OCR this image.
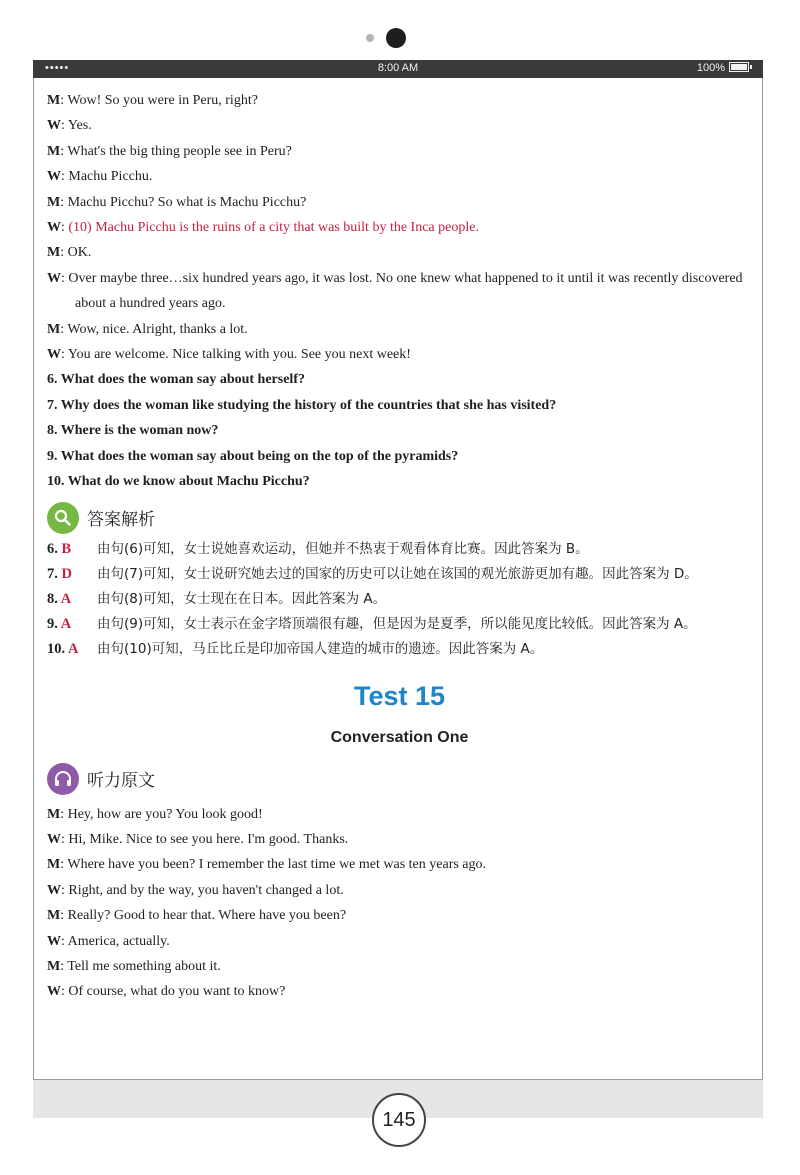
•••••	8:00 AM	100%
M: Wow! So you were in Peru, right?
W: Yes.
M: What's the big thing people see in Peru?
W: Machu Picchu.
M: Machu Picchu? So what is Machu Picchu?
W: (10) Machu Picchu is the ruins of a city that was built by the Inca people.
M: OK.
W: Over maybe three…six hundred years ago, it was lost. No one knew what happened to it until it was recently discovered about a hundred years ago.
M: Wow, nice. Alright, thanks a lot.
W: You are welcome. Nice talking with you. See you next week!
6. What does the woman say about herself?
7. Why does the woman like studying the history of the countries that she has visited?
8. Where is the woman now?
9. What does the woman say about being on the top of the pyramids?
10. What do we know about Machu Picchu?
答案解析
6. B 由句(6)可知，女士说她喜欢运动，但她并不热衷于观看体育比赛。因此答案为 B。
7. D 由句(7)可知，女士说研究她去过的国家的历史可以让她在该国的观光旅游更加有趣。因此答案为 D。
8. A 由句(8)可知，女士现在在日本。因此答案为 A。
9. A 由句(9)可知，女士表示在金字塔顶端很有趣，但是因为是夏季，所以能见度比较低。因此答案为 A。
10. A 由句(10)可知，马丘比丘是印加帝国人建造的城市的遗迹。因此答案为 A。
Test 15
Conversation One
听力原文
M: Hey, how are you? You look good!
W: Hi, Mike. Nice to see you here. I'm good. Thanks.
M: Where have you been? I remember the last time we met was ten years ago.
W: Right, and by the way, you haven't changed a lot.
M: Really? Good to hear that. Where have you been?
W: America, actually.
M: Tell me something about it.
W: Of course, what do you want to know?
145
